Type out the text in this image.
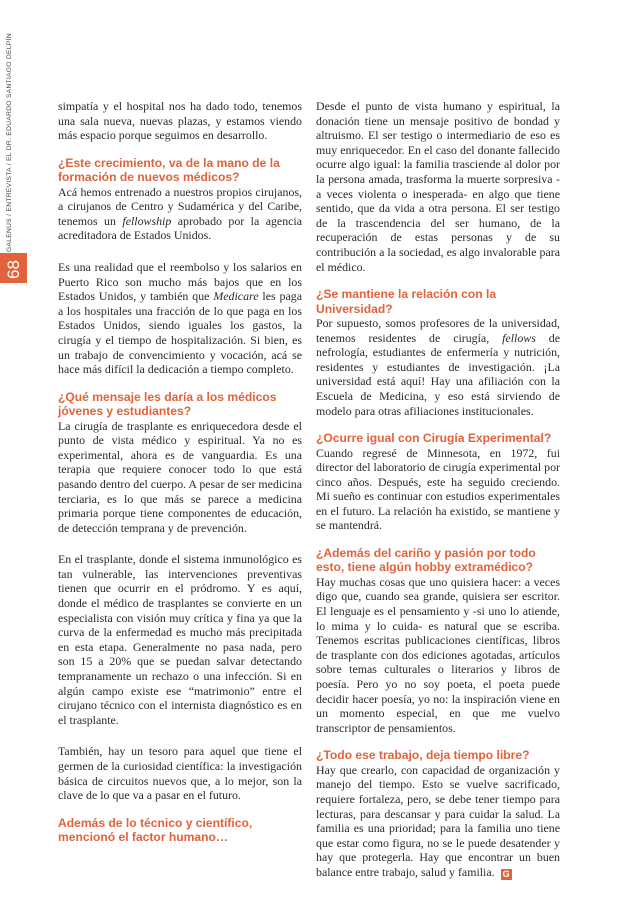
GALENUS / ENTREVISTA / EL DR. EDUARDO SANTIAGO DELPÍN
68

simpatía y el hospital nos ha dado todo, tenemos una sala nueva, nuevas plazas, y estamos viendo más espacio porque seguimos en desarrollo.

¿Este crecimiento, va de la mano de la formación de nuevos médicos?

Acá hemos entrenado a nuestros propios cirujanos, a cirujanos de Centro y Sudamérica y del Caribe, tenemos un fellowship aprobado por la agencia acreditadora de Estados Unidos.

Es una realidad que el reembolso y los salarios en Puerto Rico son mucho más bajos que en los Estados Unidos, y también que Medicare les paga a los hospitales una fracción de lo que paga en los Estados Unidos, siendo iguales los gastos, la cirugía y el tiempo de hospitalización. Si bien, es un trabajo de convencimiento y vocación, acá se hace más difícil la dedicación a tiempo completo.

¿Qué mensaje les daría a los médicos jóvenes y estudiantes?

La cirugía de trasplante es enriquecedora desde el punto de vista médico y espiritual. Ya no es experimental, ahora es de vanguardia. Es una terapia que requiere conocer todo lo que está pasando dentro del cuerpo. A pesar de ser medicina terciaria, es lo que más se parece a medicina primaria porque tiene componentes de educación, de detección temprana y de prevención.

En el trasplante, donde el sistema inmunológico es tan vulnerable, las intervenciones preventivas tienen que ocurrir en el pródromo. Y es aquí, donde el médico de trasplantes se convierte en un especialista con visión muy crítica y fina ya que la curva de la enfermedad es mucho más precipitada en esta etapa. Generalmente no pasa nada, pero son 15 a 20% que se puedan salvar detectando tempranamente un rechazo o una infección. Si en algún campo existe ese “matrimonio” entre el cirujano técnico con el internista diagnóstico es en el trasplante.

También, hay un tesoro para aquel que tiene el germen de la curiosidad científica: la investigación básica de circuitos nuevos que, a lo mejor, son la clave de lo que va a pasar en el futuro.

Además de lo técnico y científico, mencionó el factor humano…

Desde el punto de vista humano y espiritual, la donación tiene un mensaje positivo de bondad y altruismo. El ser testigo o intermediario de eso es muy enriquecedor. En el caso del donante fallecido ocurre algo igual: la familia trasciende al dolor por la persona amada, trasforma la muerte sorpresiva -a veces violenta o inesperada- en algo que tiene sentido, que da vida a otra persona. El ser testigo de la trascendencia del ser humano, de la recuperación de estas personas y de su contribución a la sociedad, es algo invalorable para el médico.

¿Se mantiene la relación con la Universidad?

Por supuesto, somos profesores de la universidad, tenemos residentes de cirugía, fellows de nefrología, estudiantes de enfermería y nutrición, residentes y estudiantes de investigación. ¡La universidad está aquí! Hay una afiliación con la Escuela de Medicina, y eso está sirviendo de modelo para otras afiliaciones institucionales.

¿Ocurre igual con Cirugía Experimental?

Cuando regresé de Minnesota, en 1972, fui director del laboratorio de cirugía experimental por cinco años. Después, este ha seguido creciendo. Mi sueño es continuar con estudios experimentales en el futuro. La relación ha existido, se mantiene y se mantendrá.

¿Además del cariño y pasión por todo esto, tiene algún hobby extramédico?

Hay muchas cosas que uno quisiera hacer: a veces digo que, cuando sea grande, quisiera ser escritor. El lenguaje es el pensamiento y -si uno lo atiende, lo mima y lo cuida- es natural que se escriba. Tenemos escritas publicaciones científicas, libros de trasplante con dos ediciones agotadas, artículos sobre temas culturales o literarios y libros de poesía. Pero yo no soy poeta, el poeta puede decidir hacer poesía, yo no: la inspiración viene en un momento especial, en que me vuelvo transcriptor de pensamientos.

¿Todo ese trabajo, deja tiempo libre?

Hay que crearlo, con capacidad de organización y manejo del tiempo. Esto se vuelve sacrificado, requiere fortaleza, pero, se debe tener tiempo para lecturas, para descansar y para cuidar la salud. La familia es una prioridad; para la familia uno tiene que estar como figura, no se le puede desatender y hay que protegerla. Hay que encontrar un buen balance entre trabajo, salud y familia. G
